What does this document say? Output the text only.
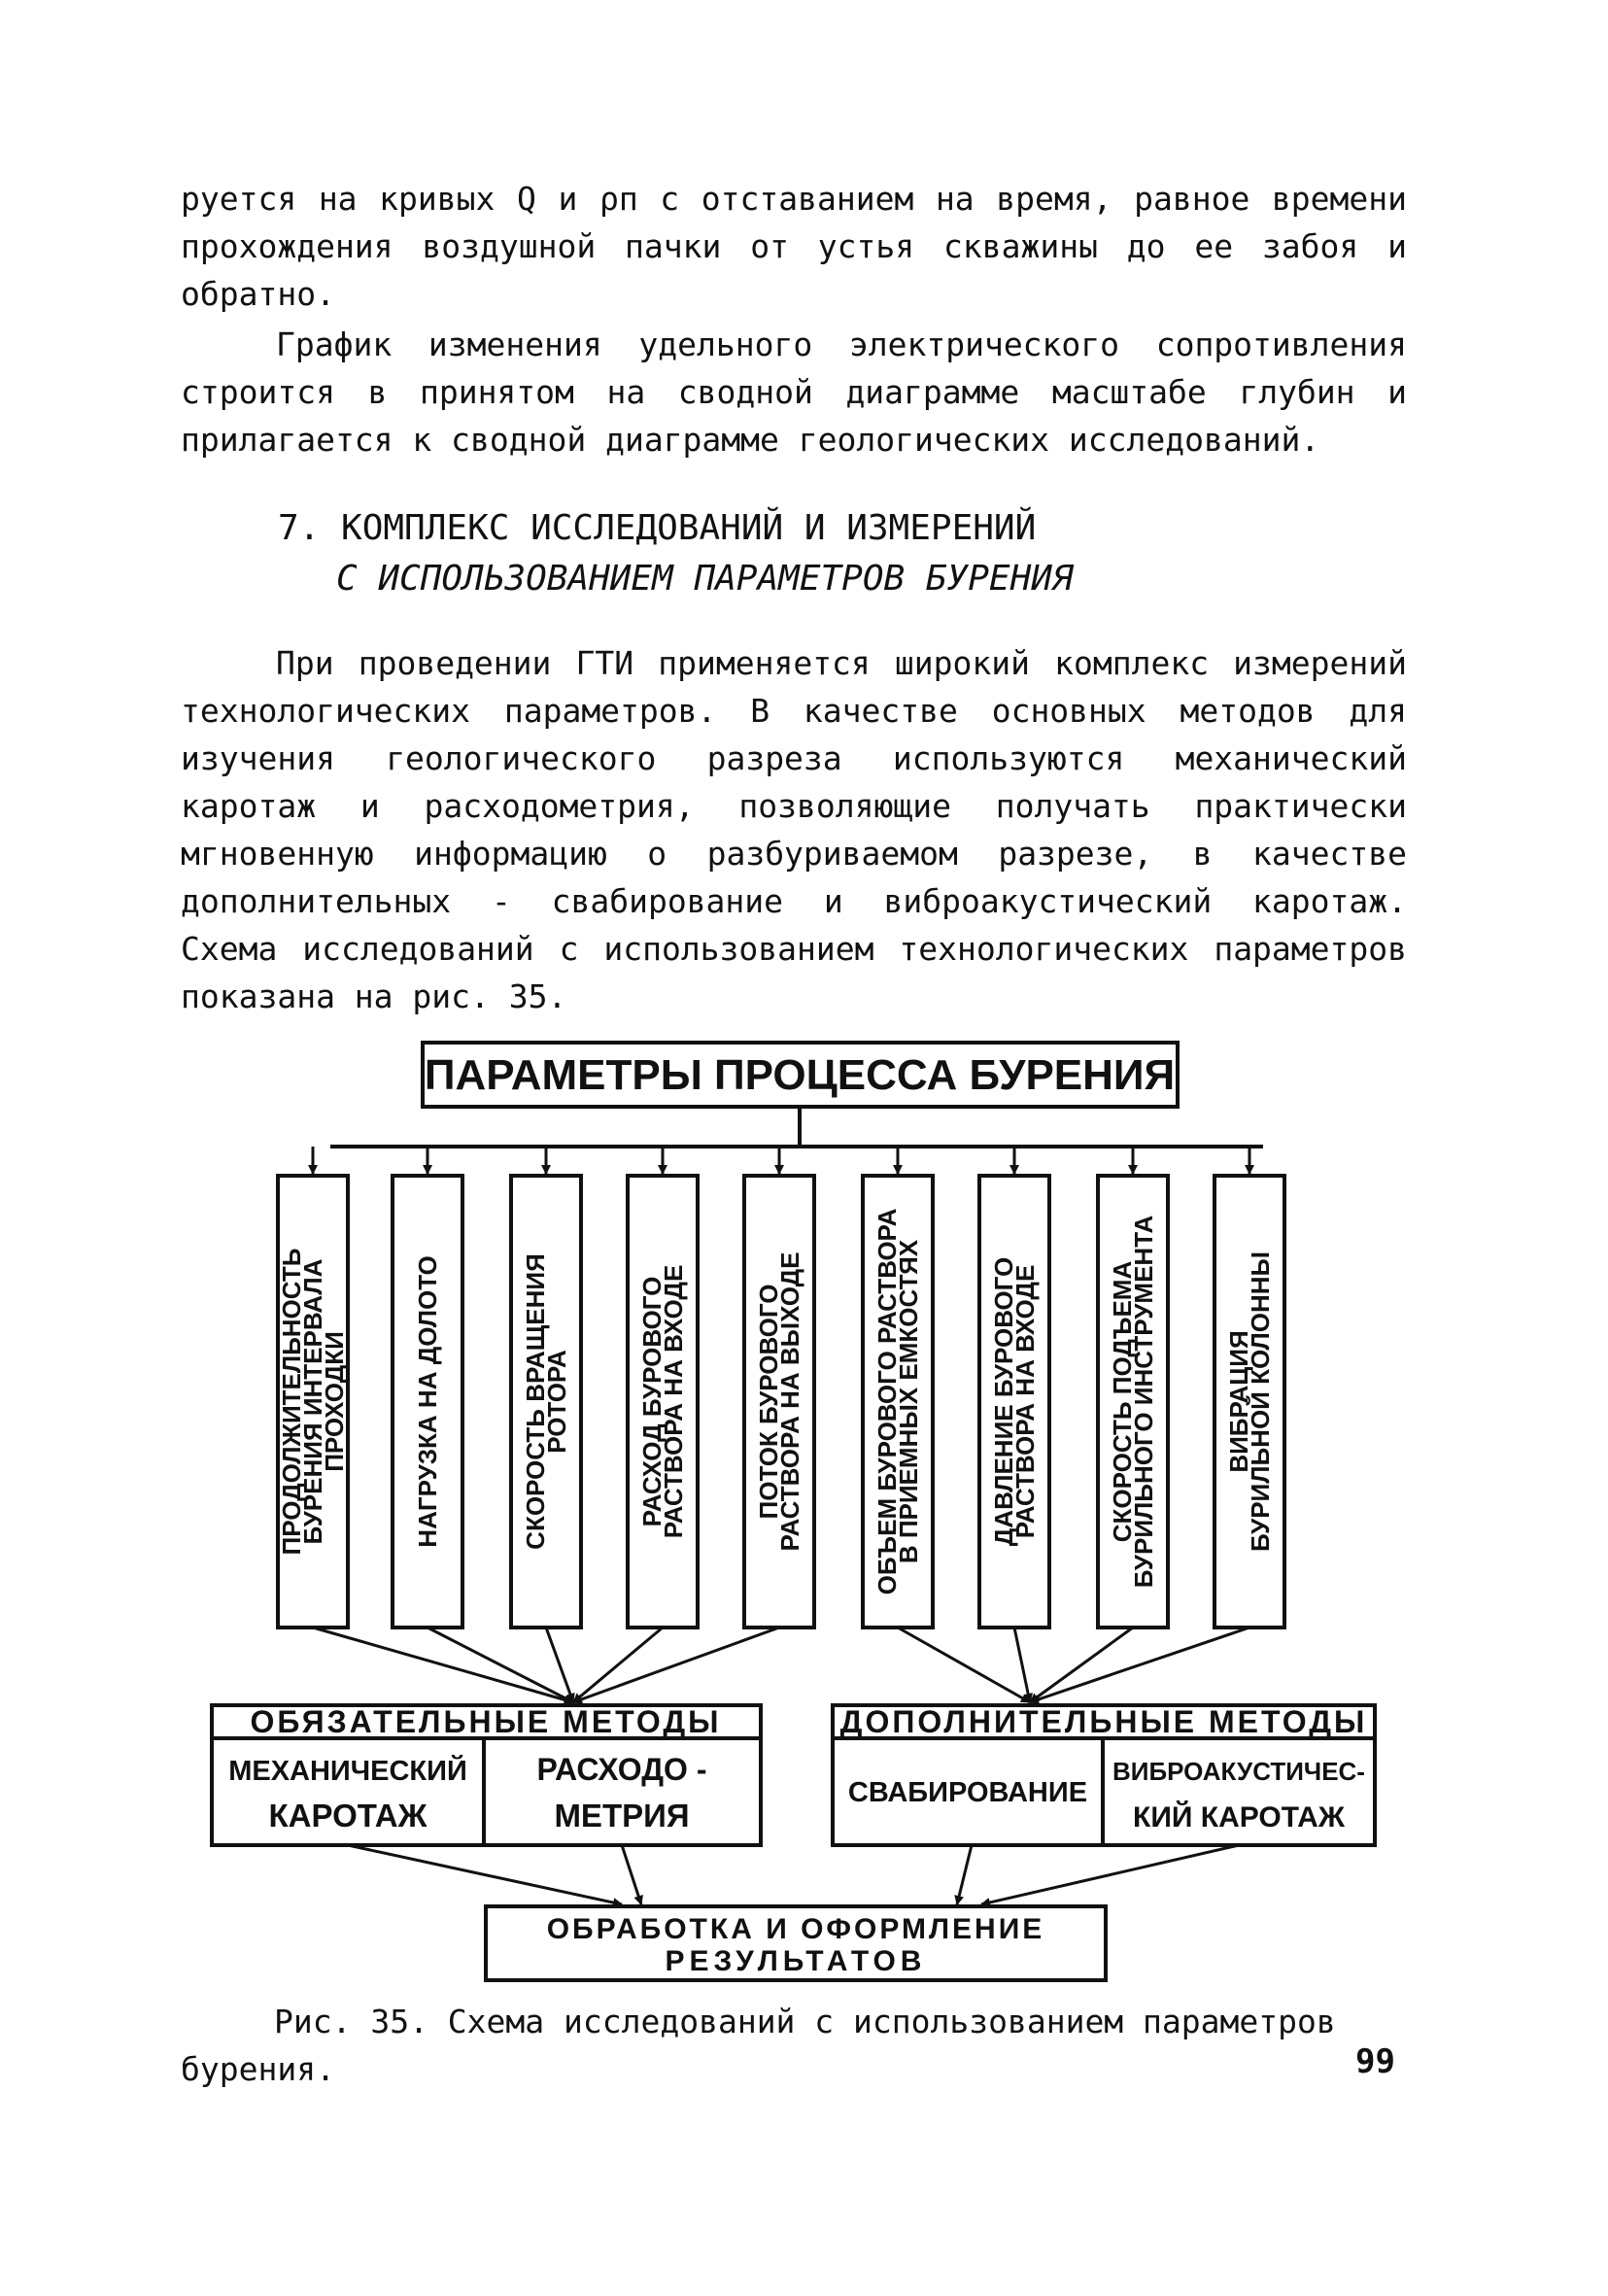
руется на кривых Q и ρп с отставанием на время, равное времени прохождения воздушной пачки от устья скважины до ее забоя и обратно.

График изменения удельного электрического сопротивления строится в принятом на сводной диаграмме масштабе глубин и прилагается к сводной диаграмме геологических исследований.

7. КОМПЛЕКС ИССЛЕДОВАНИЙ И ИЗМЕРЕНИЙ
С ИСПОЛЬЗОВАНИЕМ ПАРАМЕТРОВ БУРЕНИЯ

При проведении ГТИ применяется широкий комплекс измерений технологических параметров. В качестве основных методов для изучения геологического разреза используются механический каротаж и расходометрия, позволяющие получать практически мгновенную информацию о разбуриваемом разрезе, в качестве дополнительных - свабирование и виброакустический каротаж. Схема исследований с использованием технологических параметров показана на рис. 35.

ПАРАМЕТРЫ ПРОЦЕССА БУРЕНИЯ
ПРОДОЛЖИТЕЛЬНОСТЬ
БУРЕНИЯ ИНТЕРВАЛА
ПРОХОДКИ	НАГРУЗКА НА ДОЛОТО	СКОРОСТЬ ВРАЩЕНИЯ
РОТОРА	РАСХОД БУРОВОГО
РАСТВОРА НА ВХОДЕ	ПОТОК БУРОВОГО
РАСТВОРА НА ВЫХОДЕ	ОБЪЕМ БУРОВОГО РАСТВОРА
В ПРИЕМНЫХ ЕМКОСТЯХ	ДАВЛЕНИЕ БУРОВОГО
РАСТВОРА НА ВХОДЕ	СКОРОСТЬ ПОДЪЕМА
БУРИЛЬНОГО ИНСТРУМЕНТА	ВИБРАЦИЯ
БУРИЛЬНОЙ КОЛОННЫ
ОБЯЗАТЕЛЬНЫЕ МЕТОДЫ
МЕХАНИЧЕСКИЙ
КАРОТАЖ
РАСХОДО -
МЕТРИЯ
ДОПОЛНИТЕЛЬНЫЕ МЕТОДЫ
СВАБИРОВАНИЕ
ВИБРОАКУСТИЧЕС-
КИЙ КАРОТАЖ
ОБРАБОТКА И ОФОРМЛЕНИЕ
РЕЗУЛЬТАТОВ
Рис. 35. Схема исследований с использованием параметров
бурения.	99
